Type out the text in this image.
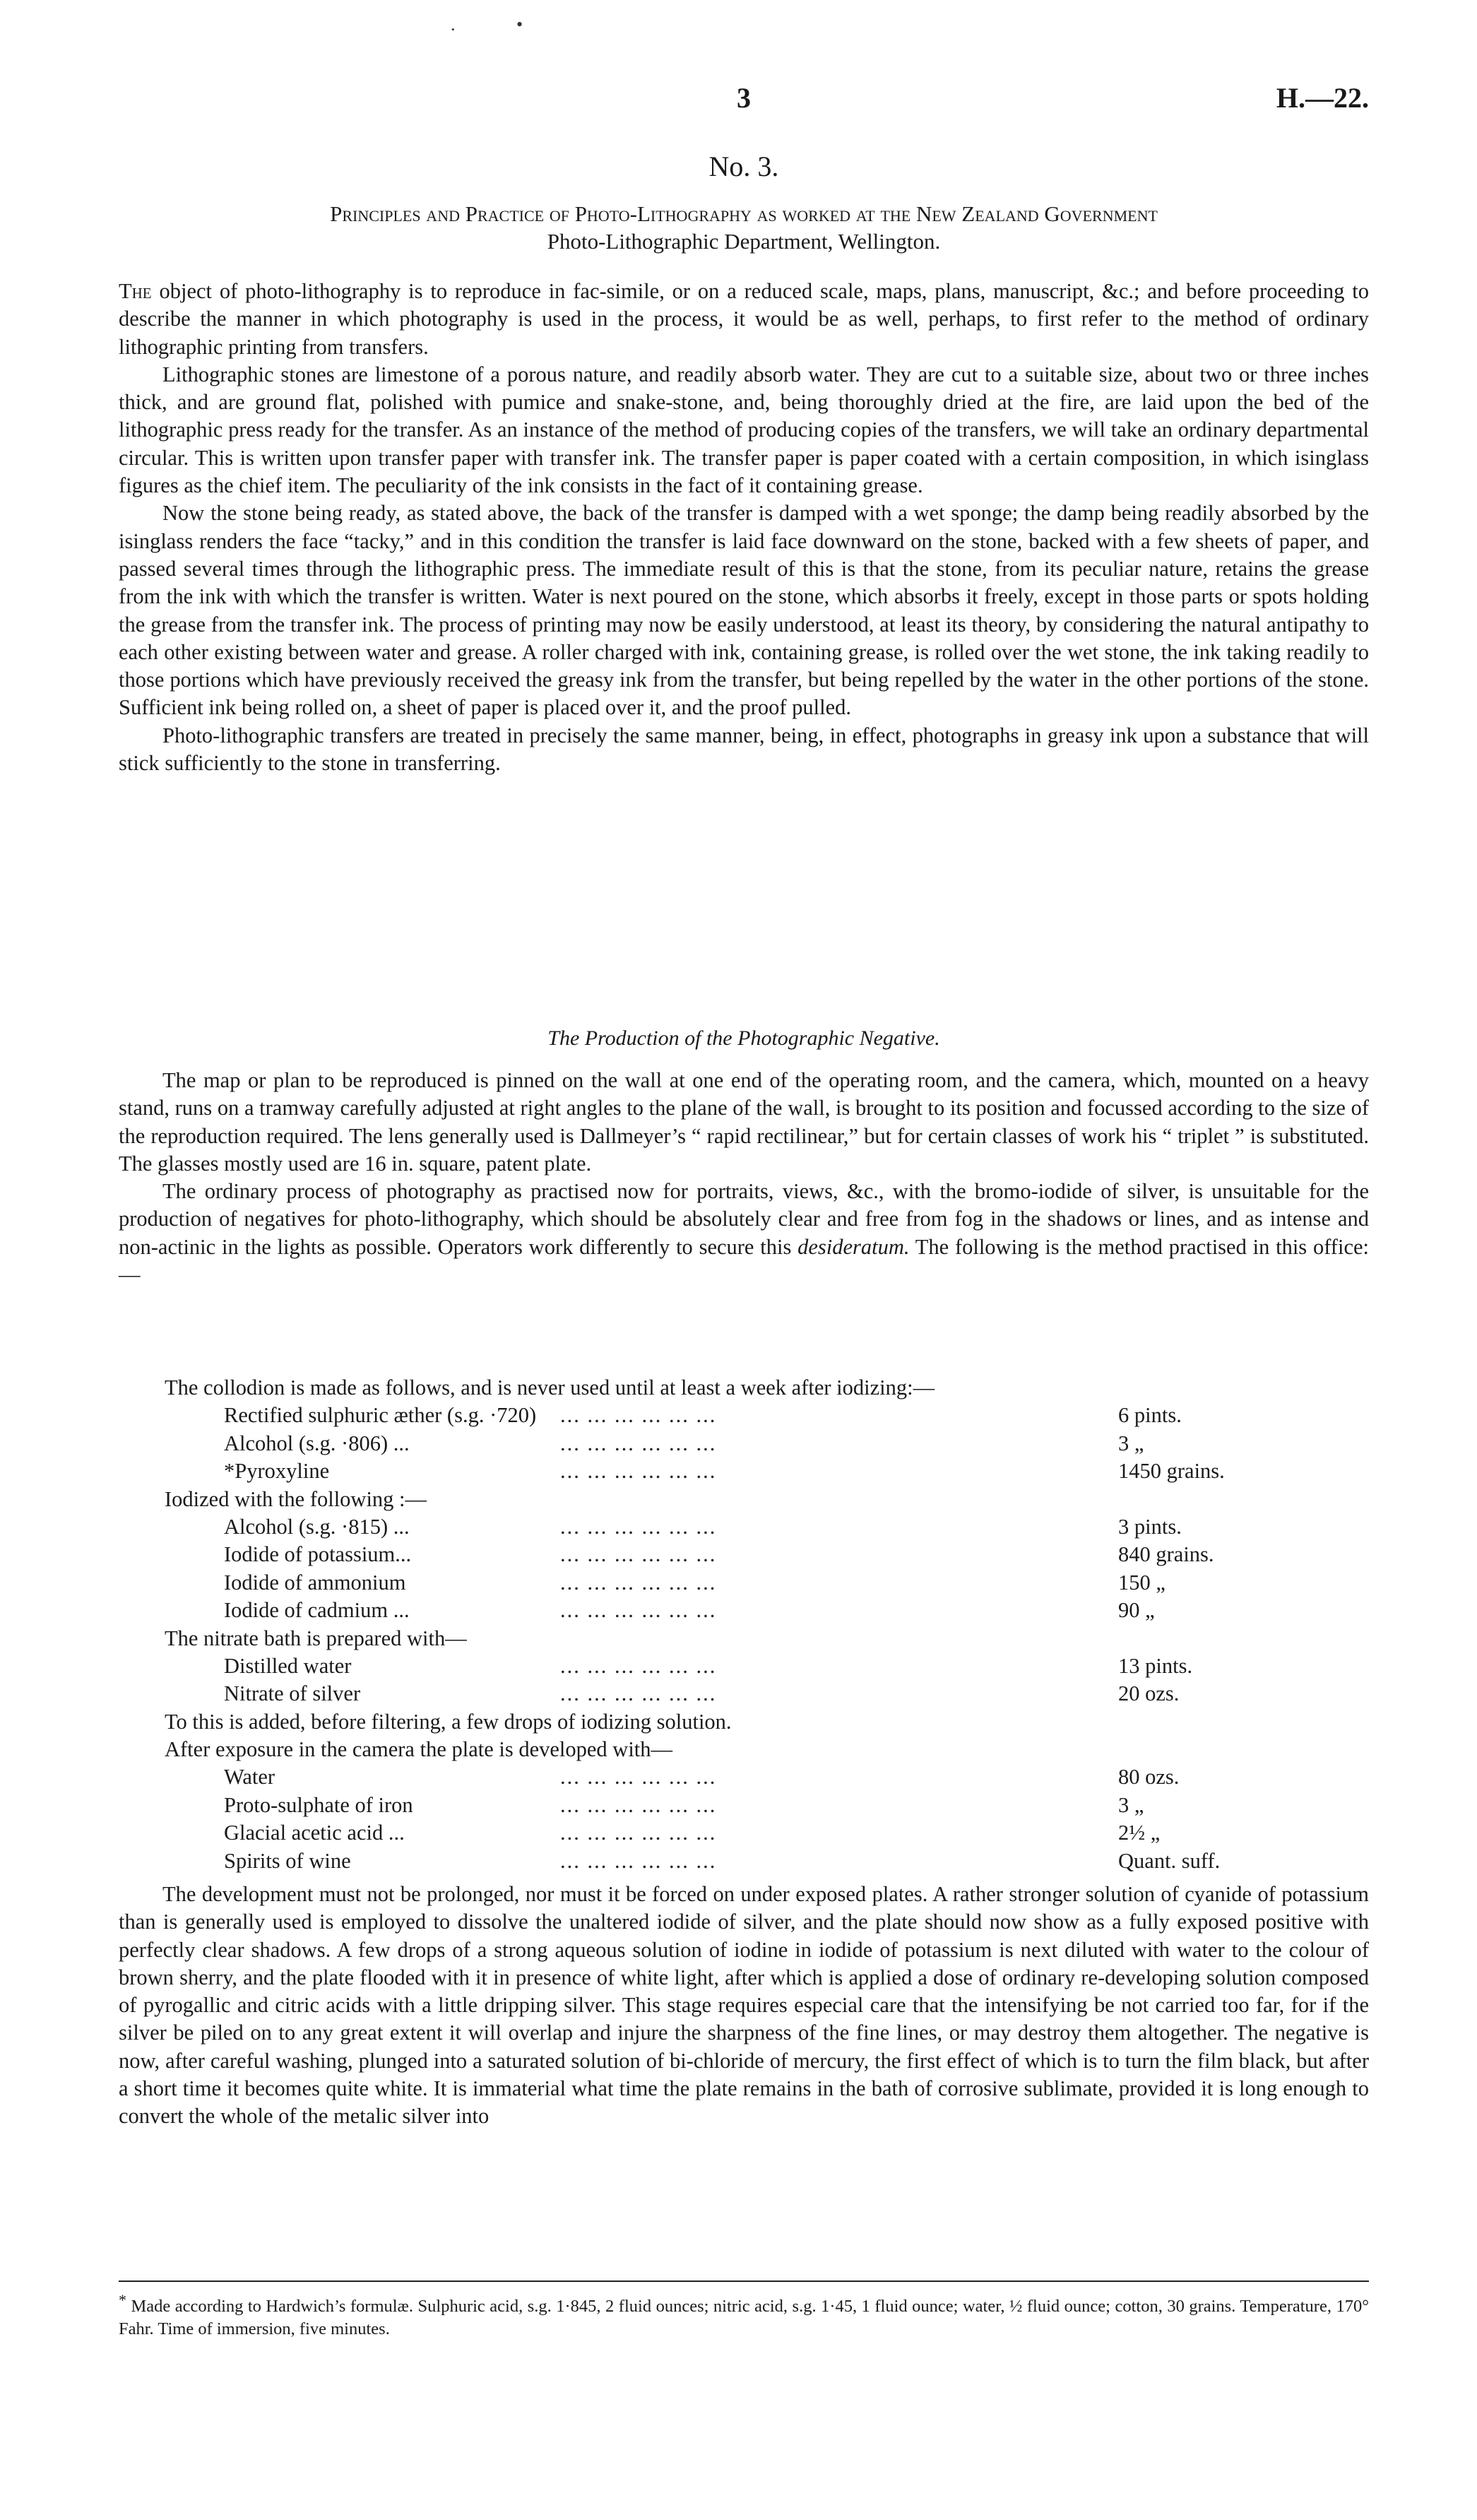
. •
3	H.—22.
No. 3.
Principles and Practice of Photo-Lithography as worked at the New Zealand Government
Photo-Lithographic Department, Wellington.

The object of photo-lithography is to reproduce in fac-simile, or on a reduced scale, maps, plans, manuscript, &c.; and before proceeding to describe the manner in which photography is used in the process, it would be as well, perhaps, to first refer to the method of ordinary lithographic printing from transfers.

Lithographic stones are limestone of a porous nature, and readily absorb water. They are cut to a suitable size, about two or three inches thick, and are ground flat, polished with pumice and snake-stone, and, being thoroughly dried at the fire, are laid upon the bed of the lithographic press ready for the transfer. As an instance of the method of producing copies of the transfers, we will take an ordinary departmental circular. This is written upon transfer paper with transfer ink. The transfer paper is paper coated with a certain composition, in which isinglass figures as the chief item. The peculiarity of the ink consists in the fact of it containing grease.

Now the stone being ready, as stated above, the back of the transfer is damped with a wet sponge; the damp being readily absorbed by the isinglass renders the face “tacky,” and in this condition the transfer is laid face downward on the stone, backed with a few sheets of paper, and passed several times through the lithographic press. The immediate result of this is that the stone, from its peculiar nature, retains the grease from the ink with which the transfer is written. Water is next poured on the stone, which absorbs it freely, except in those parts or spots holding the grease from the transfer ink. The process of printing may now be easily understood, at least its theory, by considering the natural antipathy to each other existing between water and grease. A roller charged with ink, containing grease, is rolled over the wet stone, the ink taking readily to those portions which have previously received the greasy ink from the transfer, but being repelled by the water in the other portions of the stone. Sufficient ink being rolled on, a sheet of paper is placed over it, and the proof pulled.

Photo-lithographic transfers are treated in precisely the same manner, being, in effect, photographs in greasy ink upon a substance that will stick sufficiently to the stone in transferring.

The Production of the Photographic Negative.

The map or plan to be reproduced is pinned on the wall at one end of the operating room, and the camera, which, mounted on a heavy stand, runs on a tramway carefully adjusted at right angles to the plane of the wall, is brought to its position and focussed according to the size of the reproduction required. The lens generally used is Dallmeyer’s “ rapid rectilinear,” but for certain classes of work his “ triplet ” is substituted. The glasses mostly used are 16 in. square, patent plate.

The ordinary process of photography as practised now for portraits, views, &c., with the bromo-iodide of silver, is unsuitable for the production of negatives for photo-lithography, which should be absolutely clear and free from fog in the shadows or lines, and as intense and non-actinic in the lights as possible. Operators work differently to secure this desideratum. The following is the method practised in this office:—

The collodion is made as follows, and is never used until at least a week after iodizing:—
Rectified sulphuric æther (s.g. ·720) ... ... ... ... ... ...	6 pints.
Alcohol (s.g. ·806) ...	... ... ... ... ... ...	3 „
*Pyroxyline	... ... ... ... ... ...	1450 grains.
Iodized with the following :—
Alcohol (s.g. ·815) ...	... ... ... ... ... ...	3 pints.
Iodide of potassium...	... ... ... ... ... ...	840 grains.
Iodide of ammonium	... ... ... ... ... ...	150 „
Iodide of cadmium ...	... ... ... ... ... ...	90 „
The nitrate bath is prepared with—
Distilled water	... ... ... ... ... ...	13 pints.
Nitrate of silver	... ... ... ... ... ...	20 ozs.
To this is added, before filtering, a few drops of iodizing solution.
After exposure in the camera the plate is developed with—
Water	... ... ... ... ... ...	80 ozs.
Proto-sulphate of iron	... ... ... ... ... ...	3 „
Glacial acetic acid ...	... ... ... ... ... ...	2½ „
Spirits of wine	... ... ... ... ... ...	Quant. suff.

The development must not be prolonged, nor must it be forced on under exposed plates. A rather stronger solution of cyanide of potassium than is generally used is employed to dissolve the unaltered iodide of silver, and the plate should now show as a fully exposed positive with perfectly clear shadows. A few drops of a strong aqueous solution of iodine in iodide of potassium is next diluted with water to the colour of brown sherry, and the plate flooded with it in presence of white light, after which is applied a dose of ordinary re-developing solution composed of pyrogallic and citric acids with a little dripping silver. This stage requires especial care that the intensifying be not carried too far, for if the silver be piled on to any great extent it will overlap and injure the sharpness of the fine lines, or may destroy them altogether. The negative is now, after careful washing, plunged into a saturated solution of bi-chloride of mercury, the first effect of which is to turn the film black, but after a short time it becomes quite white. It is immaterial what time the plate remains in the bath of corrosive sublimate, provided it is long enough to convert the whole of the metalic silver into

* Made according to Hardwich’s formulæ. Sulphuric acid, s.g. 1·845, 2 fluid ounces; nitric acid, s.g. 1·45, 1 fluid ounce; water, ½ fluid ounce; cotton, 30 grains. Temperature, 170° Fahr. Time of immersion, five minutes.
